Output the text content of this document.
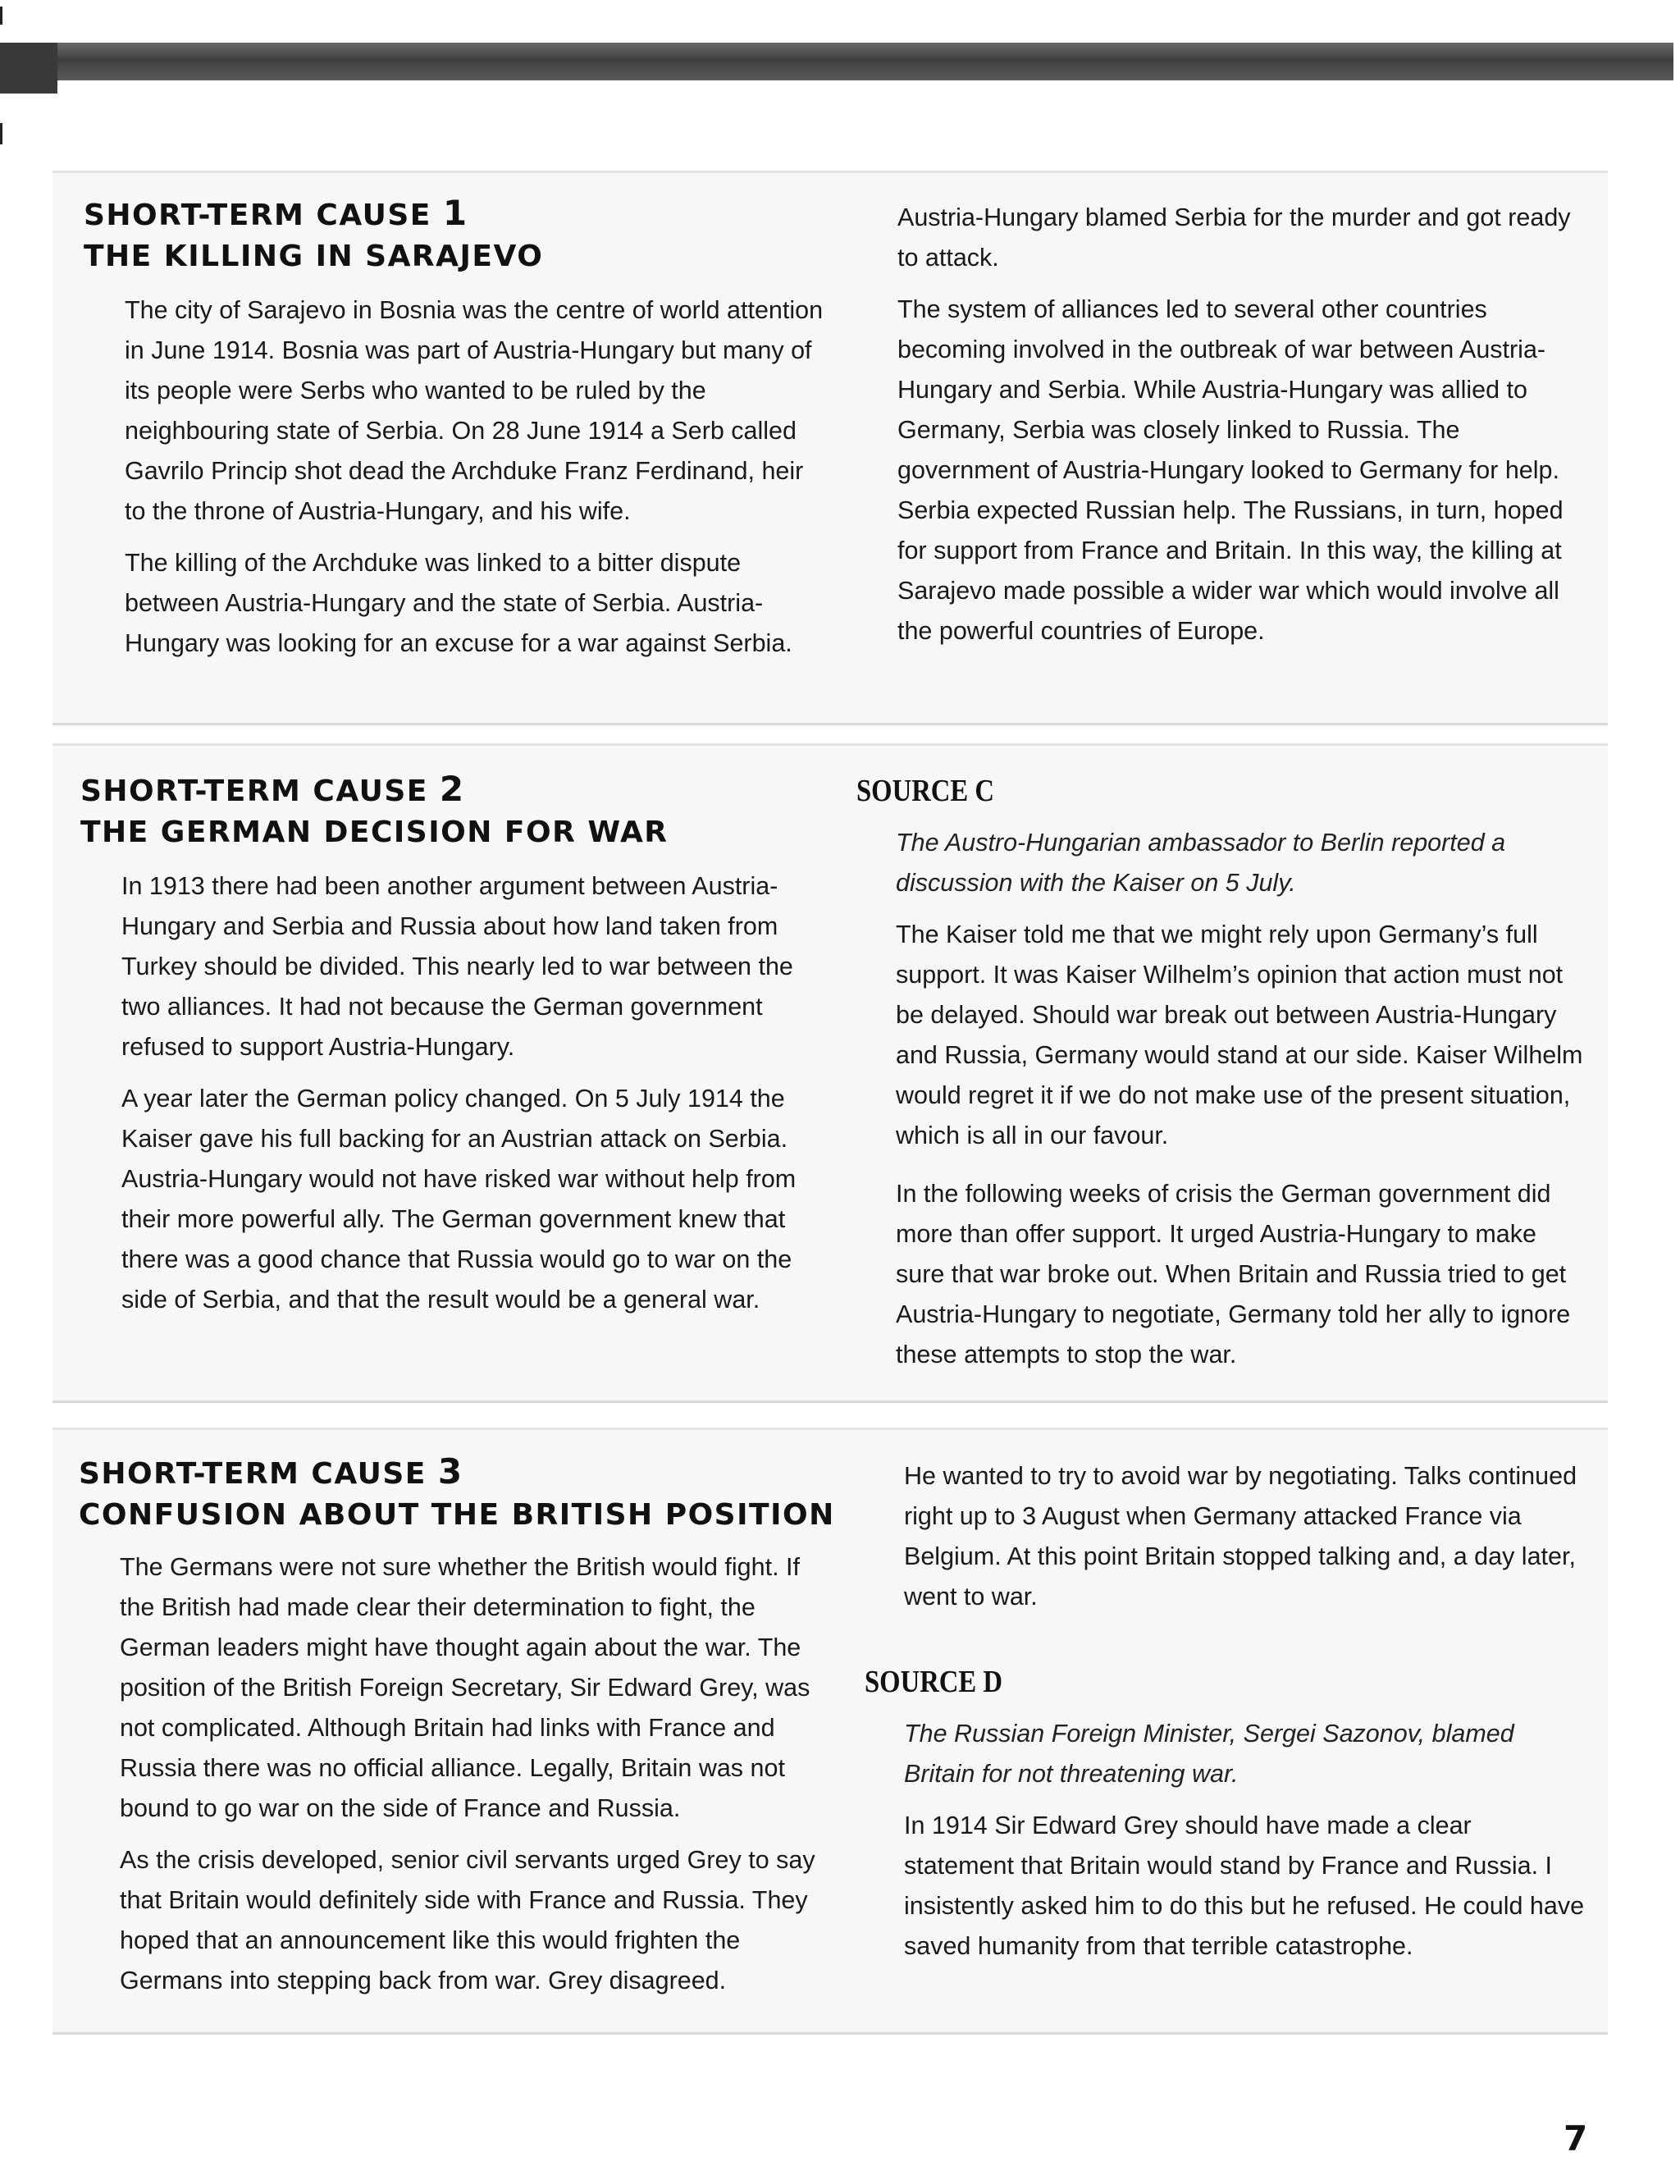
SHORT-TERM CAUSE 1
THE KILLING IN SARAJEVO

The city of Sarajevo in Bosnia was the centre of world attention in June 1914. Bosnia was part of Austria-Hungary but many of its people were Serbs who wanted to be ruled by the neighbouring state of Serbia. On 28 June 1914 a Serb called Gavrilo Princip shot dead the Archduke Franz Ferdinand, heir to the throne of Austria-Hungary, and his wife.

The killing of the Archduke was linked to a bitter dispute between Austria-Hungary and the state of Serbia. Austria-Hungary was looking for an excuse for a war against Serbia.

Austria-Hungary blamed Serbia for the murder and got ready to attack.

The system of alliances led to several other countries becoming involved in the outbreak of war between Austria-Hungary and Serbia. While Austria-Hungary was allied to Germany, Serbia was closely linked to Russia. The government of Austria-Hungary looked to Germany for help. Serbia expected Russian help. The Russians, in turn, hoped for support from France and Britain. In this way, the killing at Sarajevo made possible a wider war which would involve all the powerful countries of Europe.

SHORT-TERM CAUSE 2
THE GERMAN DECISION FOR WAR

In 1913 there had been another argument between Austria-Hungary and Serbia and Russia about how land taken from Turkey should be divided. This nearly led to war between the two alliances. It had not because the German government refused to support Austria-Hungary.

A year later the German policy changed. On 5 July 1914 the Kaiser gave his full backing for an Austrian attack on Serbia. Austria-Hungary would not have risked war without help from their more powerful ally. The German government knew that there was a good chance that Russia would go to war on the side of Serbia, and that the result would be a general war.

SOURCE C

The Austro-Hungarian ambassador to Berlin reported a discussion with the Kaiser on 5 July.

The Kaiser told me that we might rely upon Germany’s full support. It was Kaiser Wilhelm’s opinion that action must not be delayed. Should war break out between Austria-Hungary and Russia, Germany would stand at our side. Kaiser Wilhelm would regret it if we do not make use of the present situation, which is all in our favour.

In the following weeks of crisis the German government did more than offer support. It urged Austria-Hungary to make sure that war broke out. When Britain and Russia tried to get Austria-Hungary to negotiate, Germany told her ally to ignore these attempts to stop the war.

SHORT-TERM CAUSE 3
CONFUSION ABOUT THE BRITISH POSITION

The Germans were not sure whether the British would fight. If the British had made clear their determination to fight, the German leaders might have thought again about the war. The position of the British Foreign Secretary, Sir Edward Grey, was not complicated. Although Britain had links with France and Russia there was no official alliance. Legally, Britain was not bound to go war on the side of France and Russia.

As the crisis developed, senior civil servants urged Grey to say that Britain would definitely side with France and Russia. They hoped that an announcement like this would frighten the Germans into stepping back from war. Grey disagreed.

He wanted to try to avoid war by negotiating. Talks continued right up to 3 August when Germany attacked France via Belgium. At this point Britain stopped talking and, a day later, went to war.

SOURCE D

The Russian Foreign Minister, Sergei Sazonov, blamed Britain for not threatening war.

In 1914 Sir Edward Grey should have made a clear statement that Britain would stand by France and Russia. I insistently asked him to do this but he refused. He could have saved humanity from that terrible catastrophe.

7
